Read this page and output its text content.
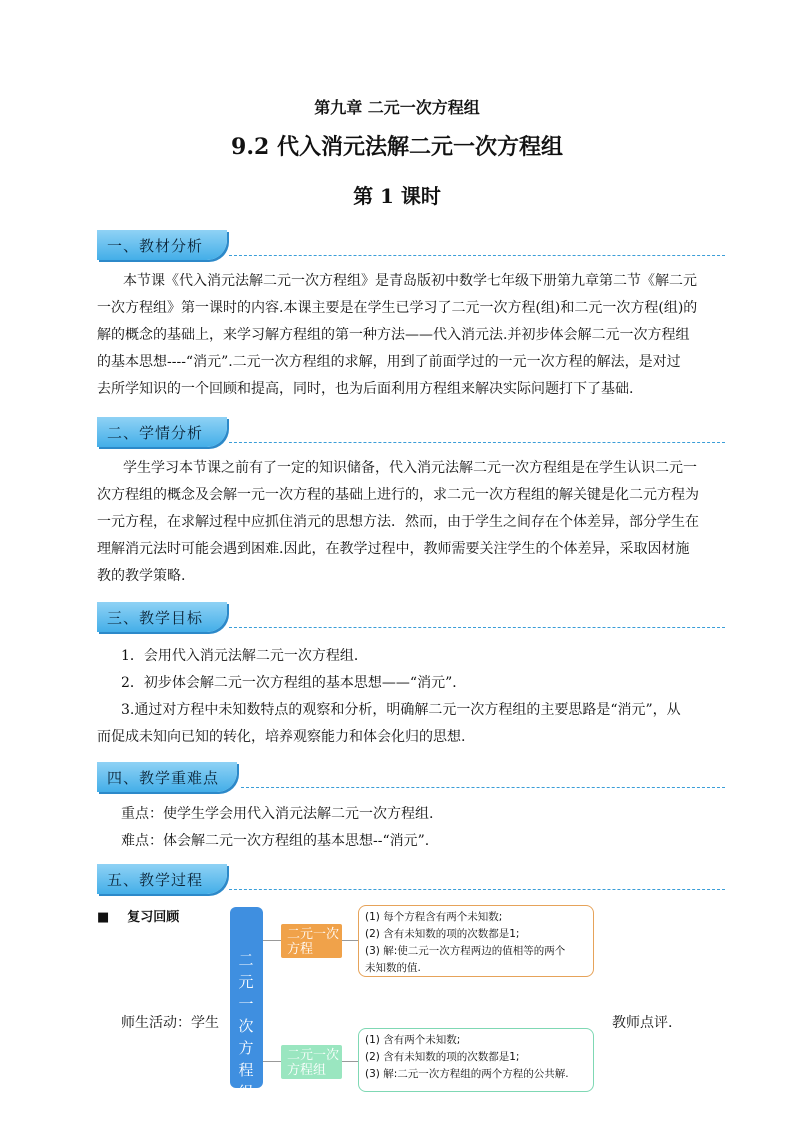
第九章 二元一次方程组
9.2 代入消元法解二元一次方程组
第 1 课时
一、教材分析
本节课《代入消元法解二元一次方程组》是青岛版初中数学七年级下册第九章第二节《解二元
一次方程组》第一课时的内容.本课主要是在学生已学习了二元一次方程(组)和二元一次方程(组)的
解的概念的基础上，来学习解方程组的第一种方法——代入消元法.并初步体会解二元一次方程组
的基本思想----“消元”.二元一次方程组的求解，用到了前面学过的一元一次方程的解法，是对过
去所学知识的一个回顾和提高，同时，也为后面利用方程组来解决实际问题打下了基础.
二、学情分析
学生学习本节课之前有了一定的知识储备，代入消元法解二元一次方程组是在学生认识二元一
次方程组的概念及会解一元一次方程的基础上进行的，求二元一次方程组的解关键是化二元方程为
一元方程，在求解过程中应抓住消元的思想方法．然而，由于学生之间存在个体差异，部分学生在
理解消元法时可能会遇到困难.因此，在教学过程中，教师需要关注学生的个体差异，采取因材施
教的教学策略.
三、教学目标
1．会用代入消元法解二元一次方程组．
2．初步体会解二元一次方程组的基本思想——“消元”．
3.通过对方程中未知数特点的观察和分析，明确解二元一次方程组的主要思路是“消元”，从
而促成未知向已知的转化，培养观察能力和体会化归的思想.
四、教学重难点
重点：使学生学会用代入消元法解二元一次方程组.
难点：体会解二元一次方程组的基本思想--“消元”.
五、教学过程
■ 复习回顾
师生活动：学生	教师点评.
二元一次方程组
二元一次方程
二元一次方程组
(1) 每个方程含有两个未知数;
(2) 含有未知数的项的次数都是1;
(3) 解:使二元一次方程两边的值相等的两个
未知数的值.
(1) 含有两个未知数;
(2) 含有未知数的项的次数都是1;
(3) 解:二元一次方程组的两个方程的公共解.
